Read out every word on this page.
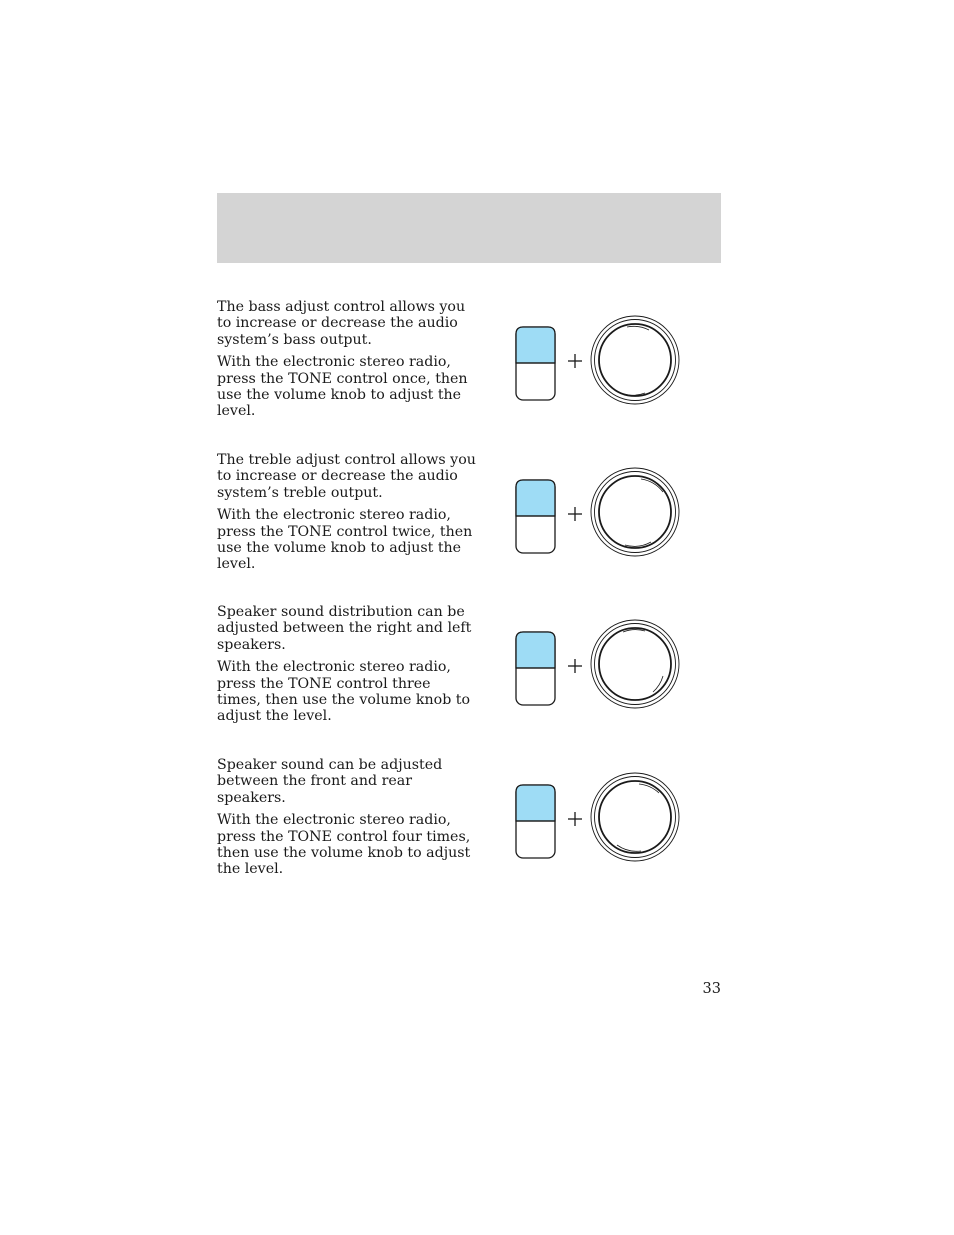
The bass adjust control allows you to increase or decrease the audio system’s bass output.

With the electronic stereo radio, press the TONE control once, then use the volume knob to adjust the level.

The treble adjust control allows you to increase or decrease the audio system’s treble output.

With the electronic stereo radio, press the TONE control twice, then use the volume knob to adjust the level.

Speaker sound distribution can be adjusted between the right and left speakers.

With the electronic stereo radio, press the TONE control three times, then use the volume knob to adjust the level.

Speaker sound can be adjusted between the front and rear speakers.

With the electronic stereo radio, press the TONE control four times, then use the volume knob to adjust the level.

33
